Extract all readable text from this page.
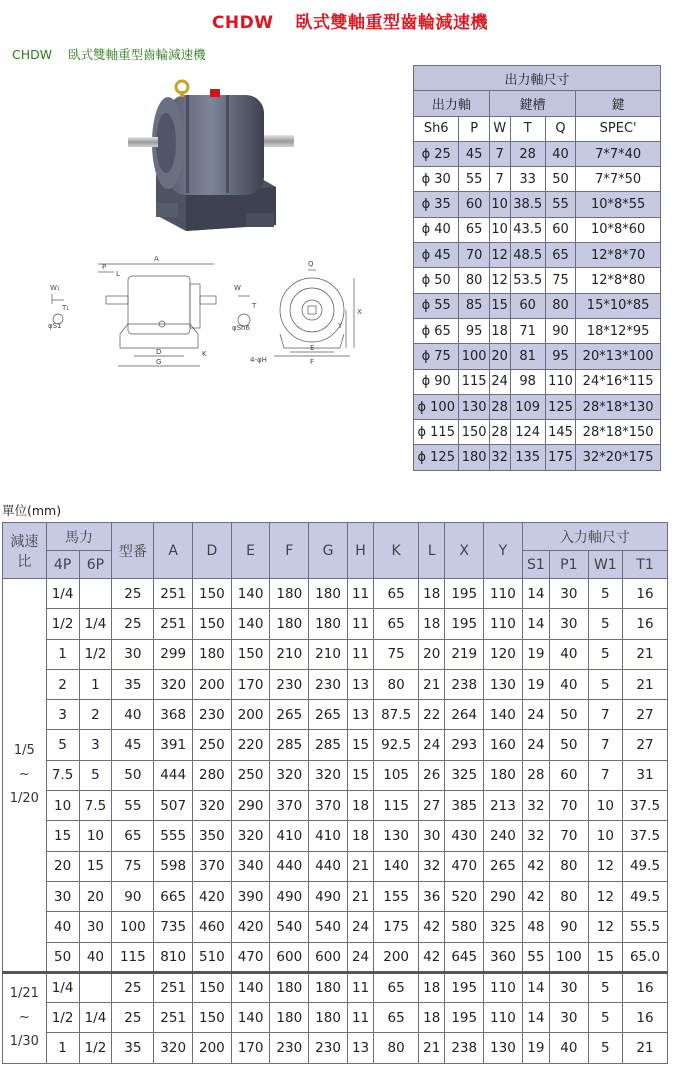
CHDW 臥式雙軸重型齒輪減速機
CHDW 臥式雙軸重型齒輪減速機
W₁
T₁
φS1
A
P
L
D
G
K
W
T
φSh6
E
F
4-φH
X
Y
Q
出力軸尺寸					
出力軸		鍵槽			鍵
Sh6	P	W	T	Q	SPEC'
ɸ 25	45	7	28	40	7*7*40
ɸ 30	55	7	33	50	7*7*50
ɸ 35	60	10	38.5	55	10*8*55
ɸ 40	65	10	43.5	60	10*8*60
ɸ 45	70	12	48.5	65	12*8*70
ɸ 50	80	12	53.5	75	12*8*80
ɸ 55	85	15	60	80	15*10*85
ɸ 65	95	18	71	90	18*12*95
ɸ 75	100	20	81	95	20*13*100
ɸ 90	115	24	98	110	24*16*115
ɸ 100	130	28	109	125	28*18*130
ɸ 115	150	28	124	145	28*18*150
ɸ 125	180	32	135	175	32*20*175
單位(mm)
減速
比	馬力		型番	A	D	E	F	G	H	K	L	X	Y	入力軸尺寸			
	4P	6P												S1	P1	W1	T1

1/5
~
1/20	1/4		25	251	150	140	180	180	11	65	18	195	110	14	30	5	16
	1/2	1/4	25	251	150	140	180	180	11	65	18	195	110	14	30	5	16
	1	1/2	30	299	180	150	210	210	11	75	20	219	120	19	40	5	21
	2	1	35	320	200	170	230	230	13	80	21	238	130	19	40	5	21
	3	2	40	368	230	200	265	265	13	87.5	22	264	140	24	50	7	27
	5	3	45	391	250	220	285	285	15	92.5	24	293	160	24	50	7	27
	7.5	5	50	444	280	250	320	320	15	105	26	325	180	28	60	7	31
	10	7.5	55	507	320	290	370	370	18	115	27	385	213	32	70	10	37.5
	15	10	65	555	350	320	410	410	18	130	30	430	240	32	70	10	37.5
	20	15	75	598	370	340	440	440	21	140	32	470	265	42	80	12	49.5
	30	20	90	665	420	390	490	490	21	155	36	520	290	42	80	12	49.5
	40	30	100	735	460	420	540	540	24	175	42	580	325	48	90	12	55.5
	50	40	115	810	510	470	600	600	24	200	42	645	360	55	100	15	65.0

1/21
~
1/30	1/4		25	251	150	140	180	180	11	65	18	195	110	14	30	5	16
	1/2	1/4	25	251	150	140	180	180	11	65	18	195	110	14	30	5	16
	1	1/2	35	320	200	170	230	230	13	80	21	238	130	19	40	5	21
